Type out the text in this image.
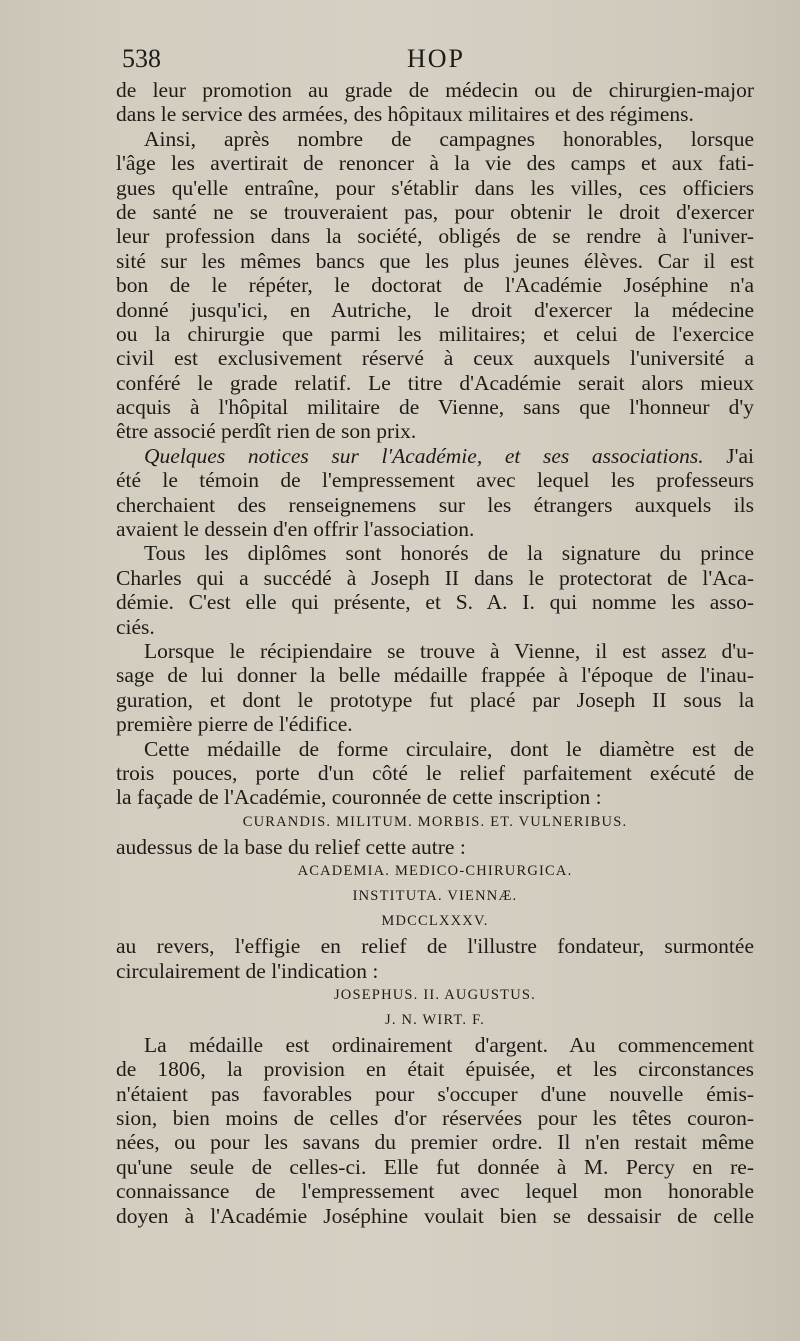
538	HOP
de leur promotion au grade de médecin ou de chirurgien-major
dans le service des armées, des hôpitaux militaires et des régimens.
Ainsi, après nombre de campagnes honorables, lorsque
l'âge les avertirait de renoncer à la vie des camps et aux fati-
gues qu'elle entraîne, pour s'établir dans les villes, ces officiers
de santé ne se trouveraient pas, pour obtenir le droit d'exercer
leur profession dans la société, obligés de se rendre à l'univer-
sité sur les mêmes bancs que les plus jeunes élèves. Car il est
bon de le répéter, le doctorat de l'Académie Joséphine n'a
donné jusqu'ici, en Autriche, le droit d'exercer la médecine
ou la chirurgie que parmi les militaires; et celui de l'exercice
civil est exclusivement réservé à ceux auxquels l'université a
conféré le grade relatif. Le titre d'Académie serait alors mieux
acquis à l'hôpital militaire de Vienne, sans que l'honneur d'y
être associé perdît rien de son prix.
Quelques notices sur l'Académie, et ses associations. J'ai
été le témoin de l'empressement avec lequel les professeurs
cherchaient des renseignemens sur les étrangers auxquels ils
avaient le dessein d'en offrir l'association.
Tous les diplômes sont honorés de la signature du prince
Charles qui a succédé à Joseph II dans le protectorat de l'Aca-
démie. C'est elle qui présente, et S. A. I. qui nomme les asso-
ciés.
Lorsque le récipiendaire se trouve à Vienne, il est assez d'u-
sage de lui donner la belle médaille frappée à l'époque de l'inau-
guration, et dont le prototype fut placé par Joseph II sous la
première pierre de l'édifice.
Cette médaille de forme circulaire, dont le diamètre est de
trois pouces, porte d'un côté le relief parfaitement exécuté de
la façade de l'Académie, couronnée de cette inscription :
CURANDIS. MILITUM. MORBIS. ET. VULNERIBUS.
audessus de la base du relief cette autre :
ACADEMIA. MEDICO-CHIRURGICA.
INSTITUTA. VIENNÆ.
MDCCLXXXV.
au revers, l'effigie en relief de l'illustre fondateur, surmontée
circulairement de l'indication :
JOSEPHUS. II. AUGUSTUS.
J. N. WIRT. F.
La médaille est ordinairement d'argent. Au commencement
de 1806, la provision en était épuisée, et les circonstances
n'étaient pas favorables pour s'occuper d'une nouvelle émis-
sion, bien moins de celles d'or réservées pour les têtes couron-
nées, ou pour les savans du premier ordre. Il n'en restait même
qu'une seule de celles-ci. Elle fut donnée à M. Percy en re-
connaissance de l'empressement avec lequel mon honorable
doyen à l'Académie Joséphine voulait bien se dessaisir de celle
